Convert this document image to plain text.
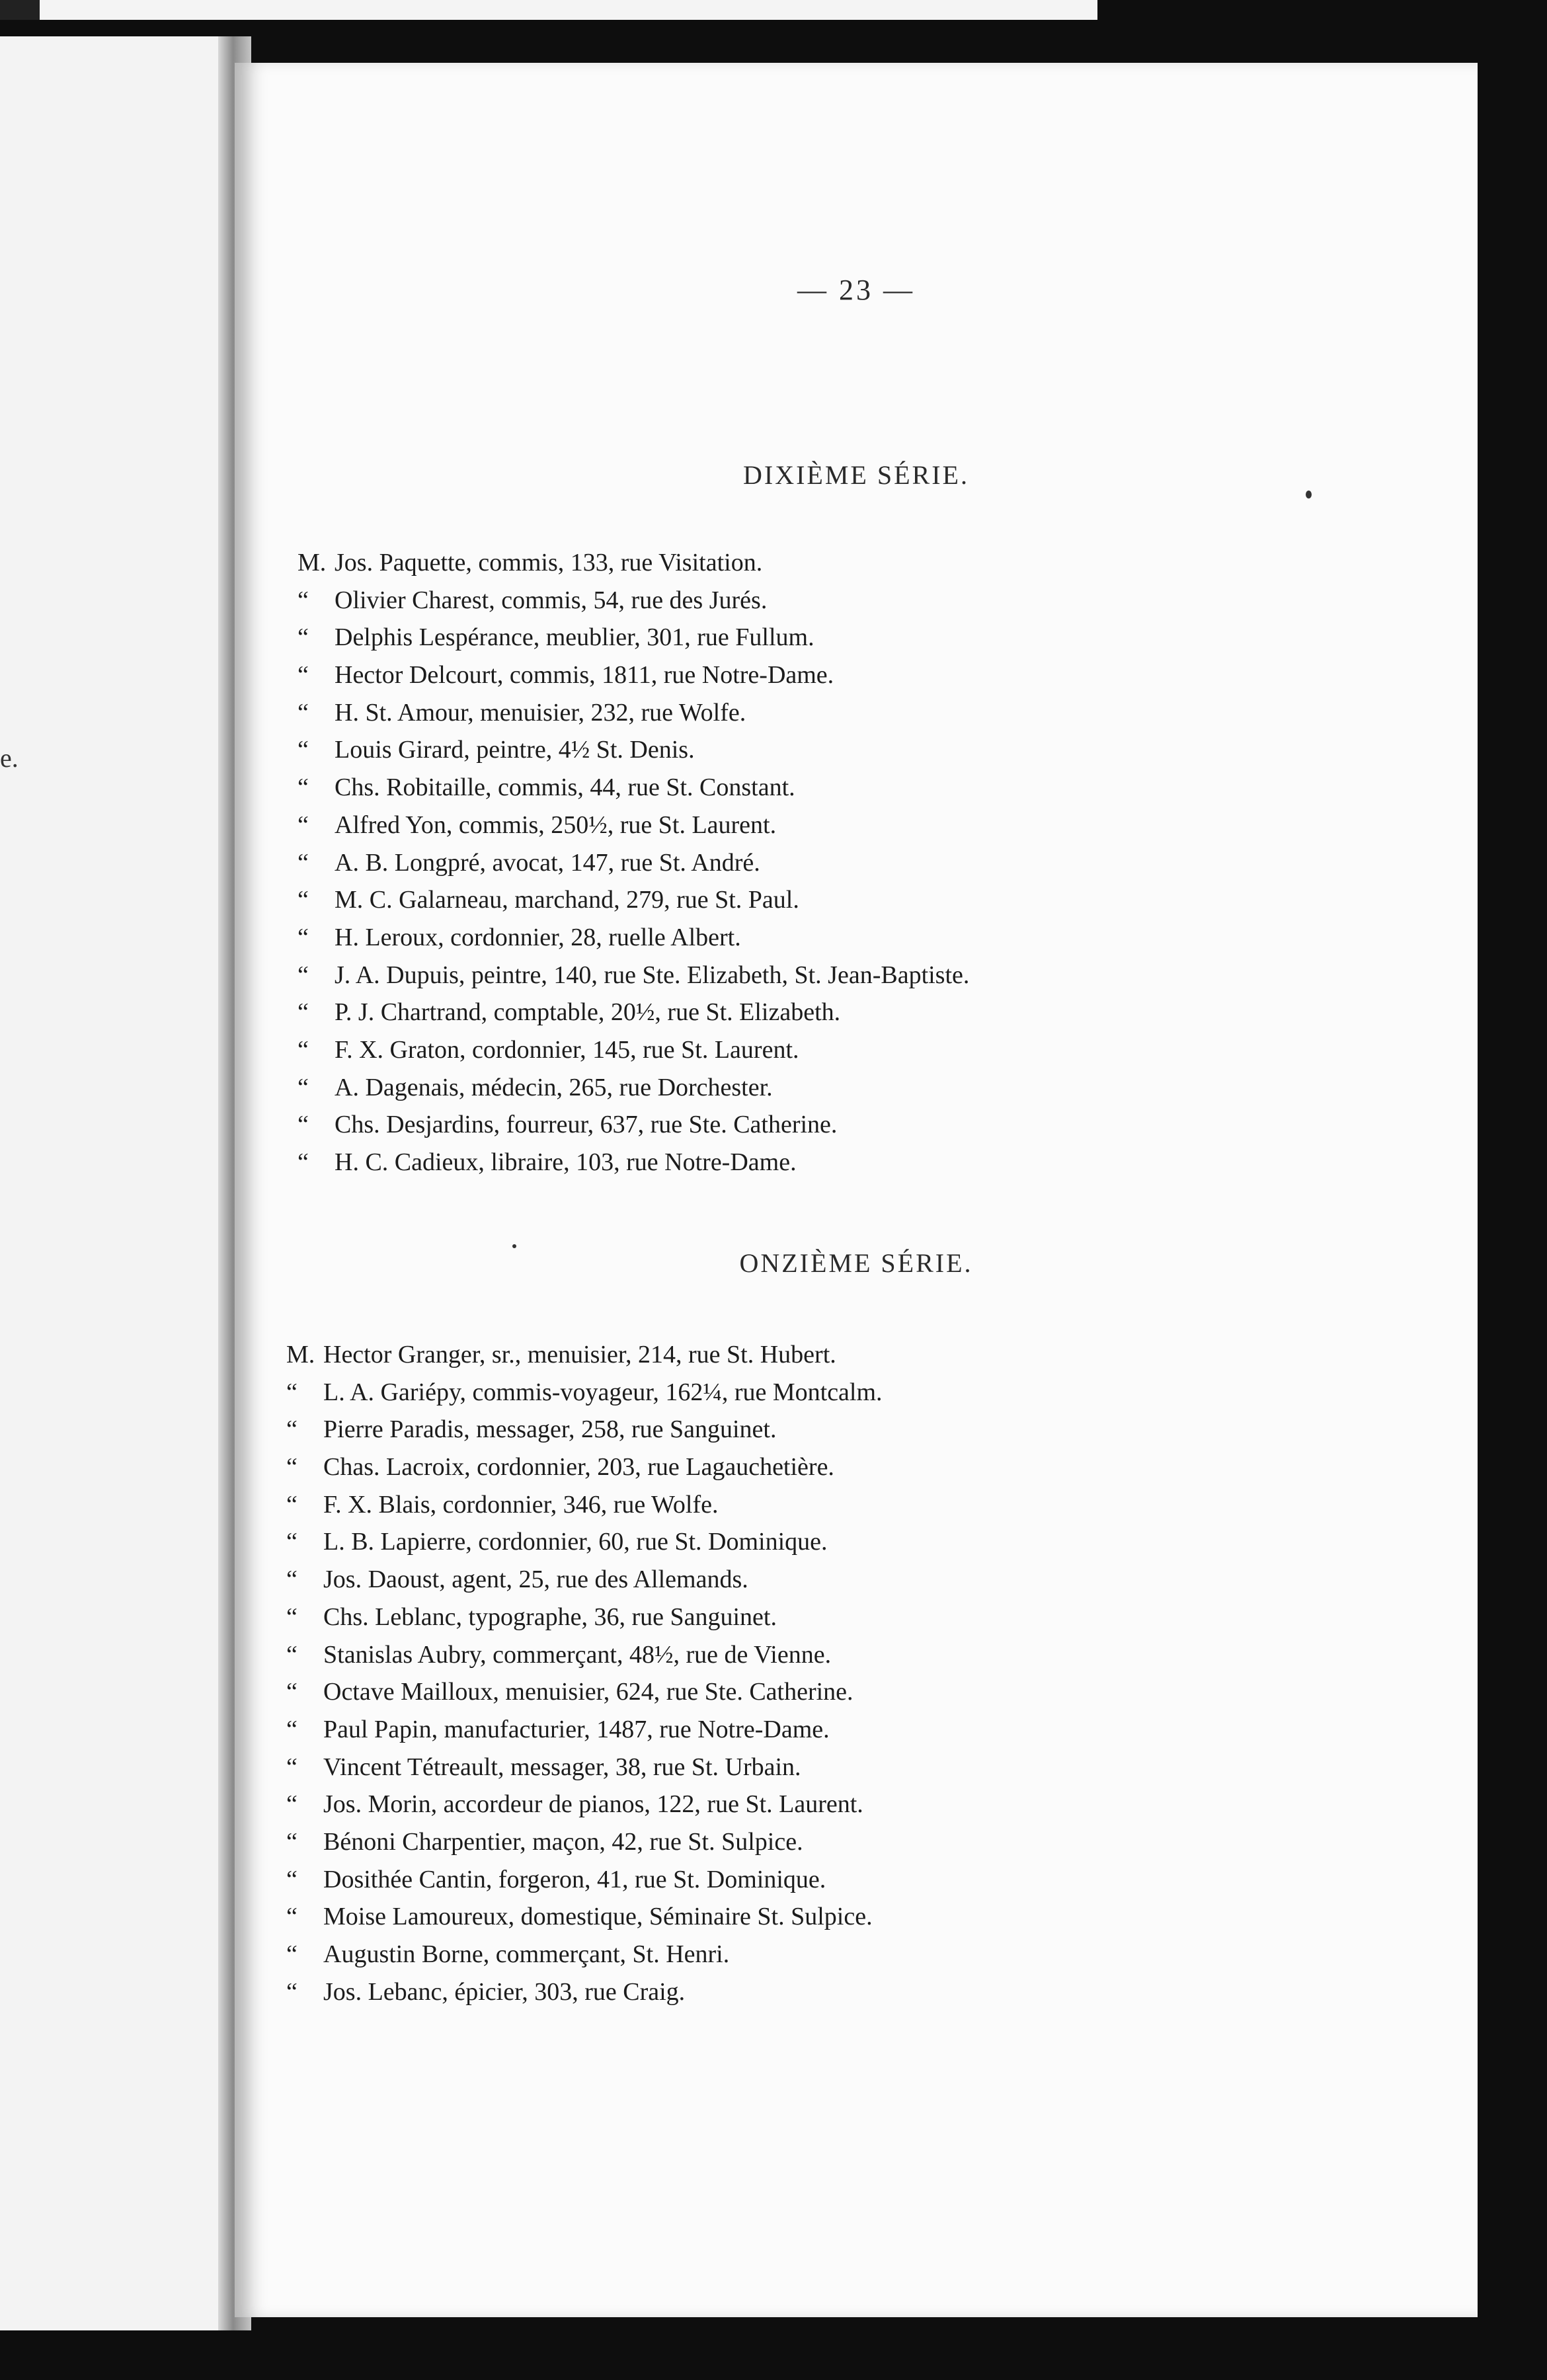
e.
— 23 —
DIXIÈME SÉRIE.
M. Jos. Paquette, commis, 133, rue Visitation.
“ Olivier Charest, commis, 54, rue des Jurés.
“ Delphis Lespérance, meublier, 301, rue Fullum.
“ Hector Delcourt, commis, 1811, rue Notre-Dame.
“ H. St. Amour, menuisier, 232, rue Wolfe.
“ Louis Girard, peintre, 4½ St. Denis.
“ Chs. Robitaille, commis, 44, rue St. Constant.
“ Alfred Yon, commis, 250½, rue St. Laurent.
“ A. B. Longpré, avocat, 147, rue St. André.
“ M. C. Galarneau, marchand, 279, rue St. Paul.
“ H. Leroux, cordonnier, 28, ruelle Albert.
“ J. A. Dupuis, peintre, 140, rue Ste. Elizabeth, St. Jean-Baptiste.
“ P. J. Chartrand, comptable, 20½, rue St. Elizabeth.
“ F. X. Graton, cordonnier, 145, rue St. Laurent.
“ A. Dagenais, médecin, 265, rue Dorchester.
“ Chs. Desjardins, fourreur, 637, rue Ste. Catherine.
“ H. C. Cadieux, libraire, 103, rue Notre-Dame.
ONZIÈME SÉRIE.
M. Hector Granger, sr., menuisier, 214, rue St. Hubert.
“ L. A. Gariépy, commis-voyageur, 162¼, rue Montcalm.
“ Pierre Paradis, messager, 258, rue Sanguinet.
“ Chas. Lacroix, cordonnier, 203, rue Lagauchetière.
“ F. X. Blais, cordonnier, 346, rue Wolfe.
“ L. B. Lapierre, cordonnier, 60, rue St. Dominique.
“ Jos. Daoust, agent, 25, rue des Allemands.
“ Chs. Leblanc, typographe, 36, rue Sanguinet.
“ Stanislas Aubry, commerçant, 48½, rue de Vienne.
“ Octave Mailloux, menuisier, 624, rue Ste. Catherine.
“ Paul Papin, manufacturier, 1487, rue Notre-Dame.
“ Vincent Tétreault, messager, 38, rue St. Urbain.
“ Jos. Morin, accordeur de pianos, 122, rue St. Laurent.
“ Bénoni Charpentier, maçon, 42, rue St. Sulpice.
“ Dosithée Cantin, forgeron, 41, rue St. Dominique.
“ Moise Lamoureux, domestique, Séminaire St. Sulpice.
“ Augustin Borne, commerçant, St. Henri.
“ Jos. Lebanc, épicier, 303, rue Craig.
